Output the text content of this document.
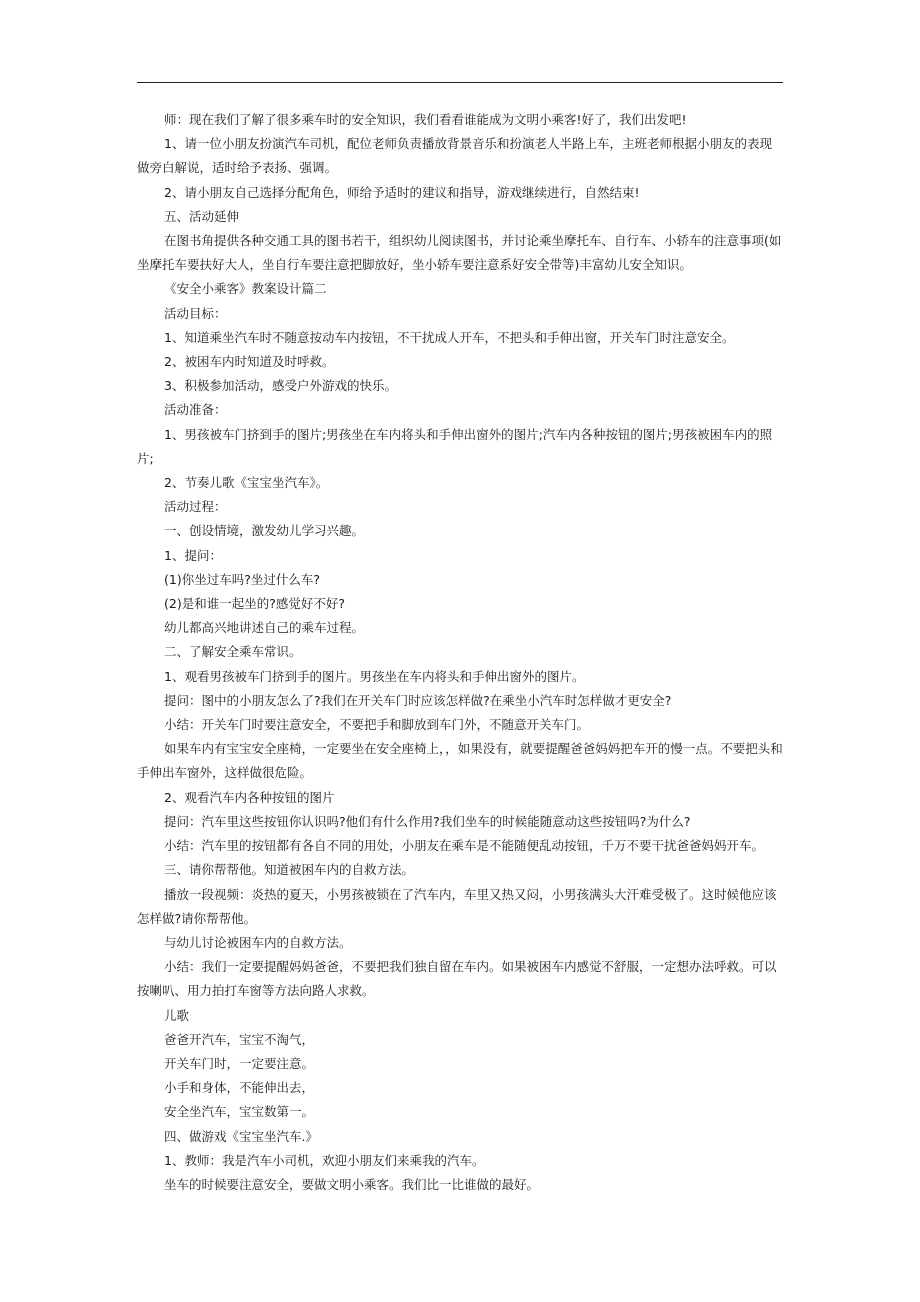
师：现在我们了解了很多乘车时的安全知识，我们看看谁能成为文明小乘客!好了，我们出发吧!

1、请一位小朋友扮演汽车司机，配位老师负责播放背景音乐和扮演老人半路上车，主班老师根据小朋友的表现做旁白解说，适时给予表扬、强调。

2、请小朋友自己选择分配角色，师给予适时的建议和指导，游戏继续进行，自然结束!

五、活动延伸

在图书角提供各种交通工具的图书若干，组织幼儿阅读图书，并讨论乘坐摩托车、自行车、小轿车的注意事项(如坐摩托车要扶好大人，坐自行车要注意把脚放好，坐小轿车要注意系好安全带等)丰富幼儿安全知识。

《安全小乘客》教案设计篇二

活动目标：

1、知道乘坐汽车时不随意按动车内按钮，不干扰成人开车，不把头和手伸出窗，开关车门时注意安全。

2、被困车内时知道及时呼救。

3、积极参加活动，感受户外游戏的快乐。

活动准备：

1、男孩被车门挤到手的图片;男孩坐在车内将头和手伸出窗外的图片;汽车内各种按钮的图片;男孩被困车内的照片;

2、节奏儿歌《宝宝坐汽车》。

活动过程：

一、创设情境，激发幼儿学习兴趣。

1、提问：

(1)你坐过车吗?坐过什么车?

(2)是和谁一起坐的?感觉好不好?

幼儿都高兴地讲述自己的乘车过程。

二、了解安全乘车常识。

1、观看男孩被车门挤到手的图片。男孩坐在车内将头和手伸出窗外的图片。

提问：图中的小朋友怎么了?我们在开关车门时应该怎样做?在乘坐小汽车时怎样做才更安全?

小结：开关车门时要注意安全，不要把手和脚放到车门外，不随意开关车门。

如果车内有宝宝安全座椅，一定要坐在安全座椅上，，如果没有，就要提醒爸爸妈妈把车开的慢一点。不要把头和手伸出车窗外，这样做很危险。

2、观看汽车内各种按钮的图片

提问：汽车里这些按钮你认识吗?他们有什么作用?我们坐车的时候能随意动这些按钮吗?为什么?

小结：汽车里的按钮都有各自不同的用处，小朋友在乘车是不能随便乱动按钮，千万不要干扰爸爸妈妈开车。

三、请你帮帮他。知道被困车内的自救方法。

播放一段视频：炎热的夏天，小男孩被锁在了汽车内，车里又热又闷，小男孩满头大汗难受极了。这时候他应该怎样做?请你帮帮他。

与幼儿讨论被困车内的自救方法。

小结：我们一定要提醒妈妈爸爸，不要把我们独自留在车内。如果被困车内感觉不舒服，一定想办法呼救。可以按喇叭、用力拍打车窗等方法向路人求救。

儿歌

爸爸开汽车，宝宝不淘气，

开关车门时，一定要注意。

小手和身体，不能伸出去，

安全坐汽车，宝宝数第一。

四、做游戏《宝宝坐汽车.》

1、教师：我是汽车小司机，欢迎小朋友们来乘我的汽车。

坐车的时候要注意安全，要做文明小乘客。我们比一比谁做的最好。
